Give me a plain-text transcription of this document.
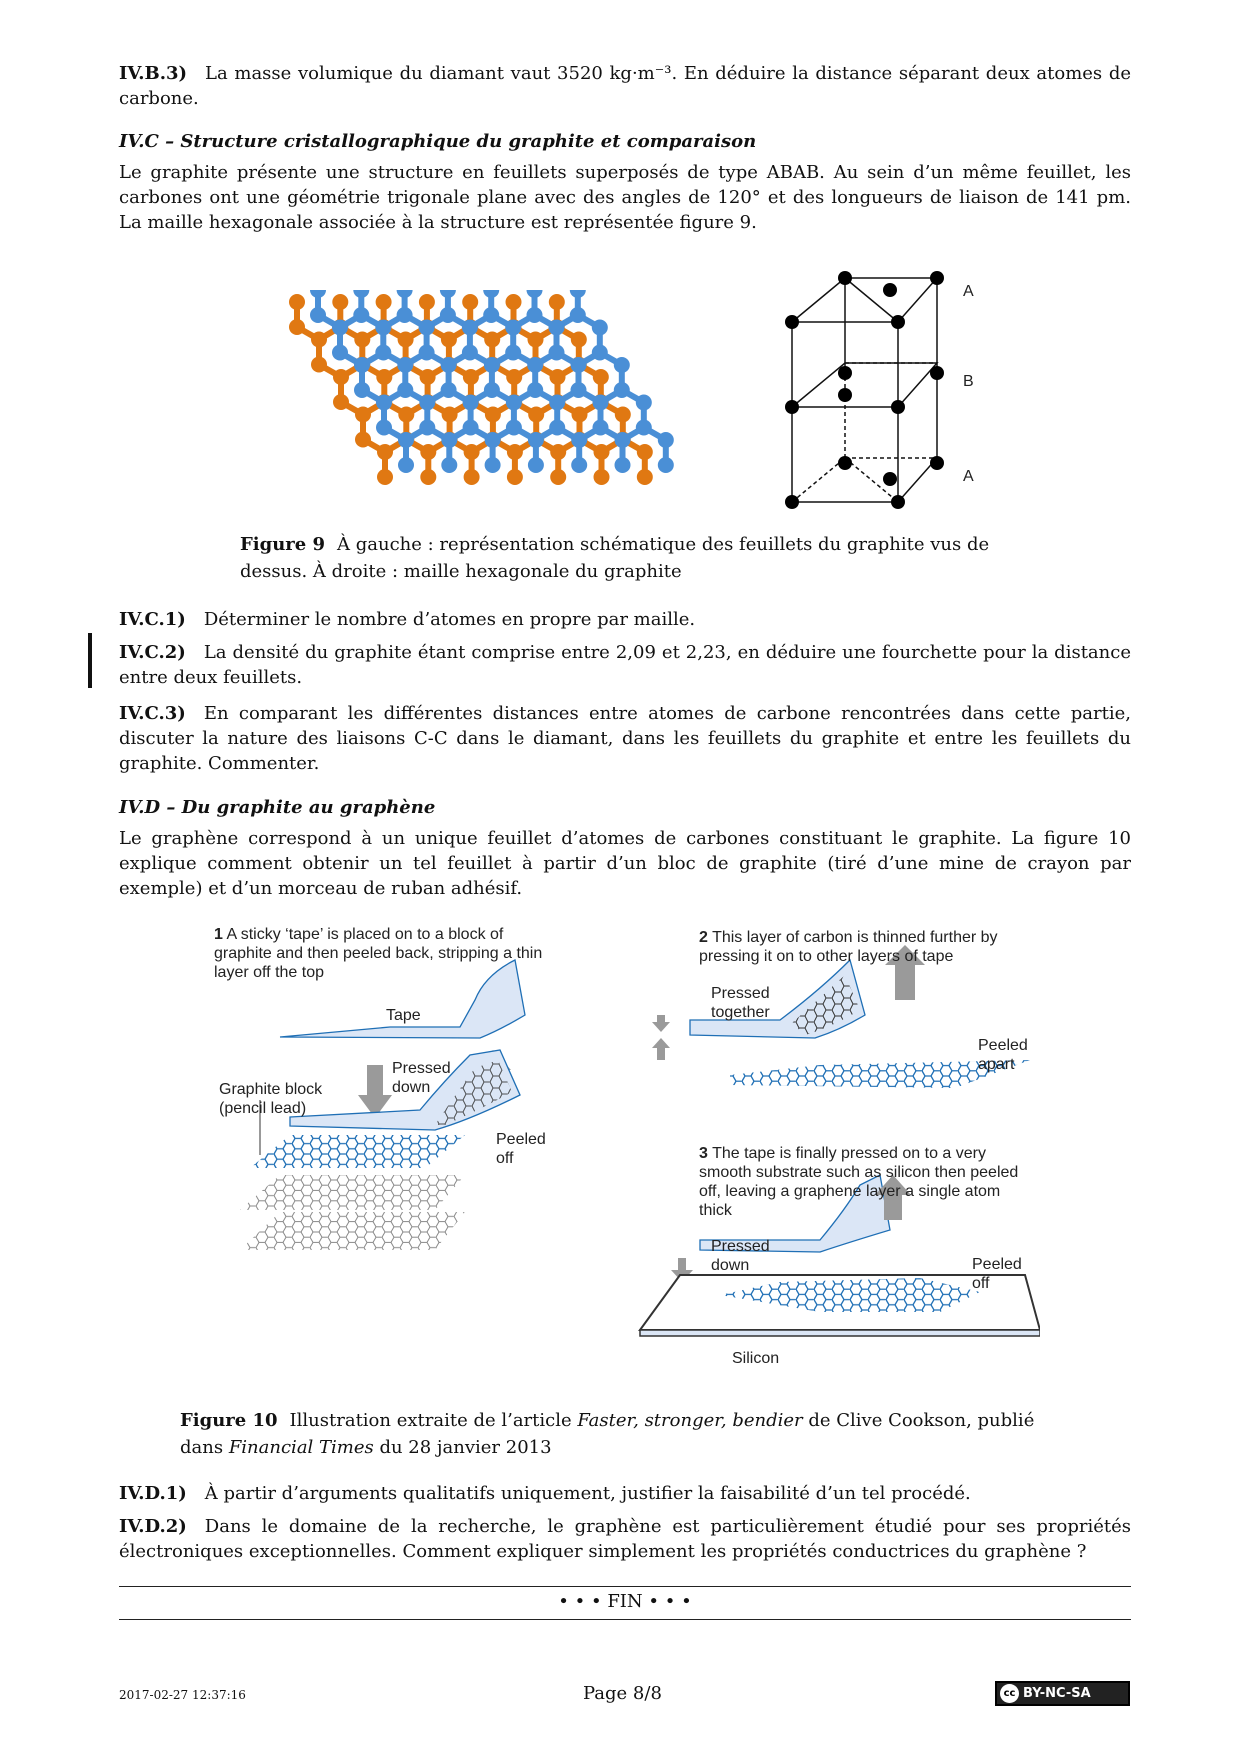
IV.B.3) La masse volumique du diamant vaut 3520 kg·m⁻³. En déduire la distance séparant deux atomes de carbone.

IV.C – Structure cristallographique du graphite et comparaison

Le graphite présente une structure en feuillets superposés de type ABAB. Au sein d’un même feuillet, les carbones ont une géométrie trigonale plane avec des angles de 120° et des longueurs de liaison de 141 pm. La maille hexagonale associée à la structure est représentée figure 9.

A
B
A

Figure 9 À gauche : représentation schématique des feuillets du graphite vus de dessus. À droite : maille hexagonale du graphite

IV.C.1) Déterminer le nombre d’atomes en propre par maille.

IV.C.2) La densité du graphite étant comprise entre 2,09 et 2,23, en déduire une fourchette pour la distance entre deux feuillets.

IV.C.3) En comparant les différentes distances entre atomes de carbone rencontrées dans cette partie, discuter la nature des liaisons C-C dans le diamant, dans les feuillets du graphite et entre les feuillets du graphite. Commenter.

IV.D – Du graphite au graphène

Le graphène correspond à un unique feuillet d’atomes de carbones constituant le graphite. La figure 10 explique comment obtenir un tel feuillet à partir d’un bloc de graphite (tiré d’une mine de crayon par exemple) et d’un morceau de ruban adhésif.

1 A sticky ‘tape’ is placed on to a block of graphite and then peeled back, stripping a thin layer off the top
Tape
Pressed down
Graphite block (pencil lead)
Peeled off
2 This layer of carbon is thinned further by pressing it on to other layers of tape
Pressed together
Peeled apart
3 The tape is finally pressed on to a very smooth substrate such as silicon then peeled off, leaving a graphene layer a single atom thick
Pressed down	Peeled off
Silicon

Figure 10 Illustration extraite de l’article Faster, stronger, bendier de Clive Cookson, publié dans Financial Times du 28 janvier 2013

IV.D.1) À partir d’arguments qualitatifs uniquement, justifier la faisabilité d’un tel procédé.

IV.D.2) Dans le domaine de la recherche, le graphène est particulièrement étudié pour ses propriétés électroniques exceptionnelles. Comment expliquer simplement les propriétés conductrices du graphène ?

• • • FIN • • •
2017-02-27 12:37:16	Page 8/8	cc BY-NC-SA
